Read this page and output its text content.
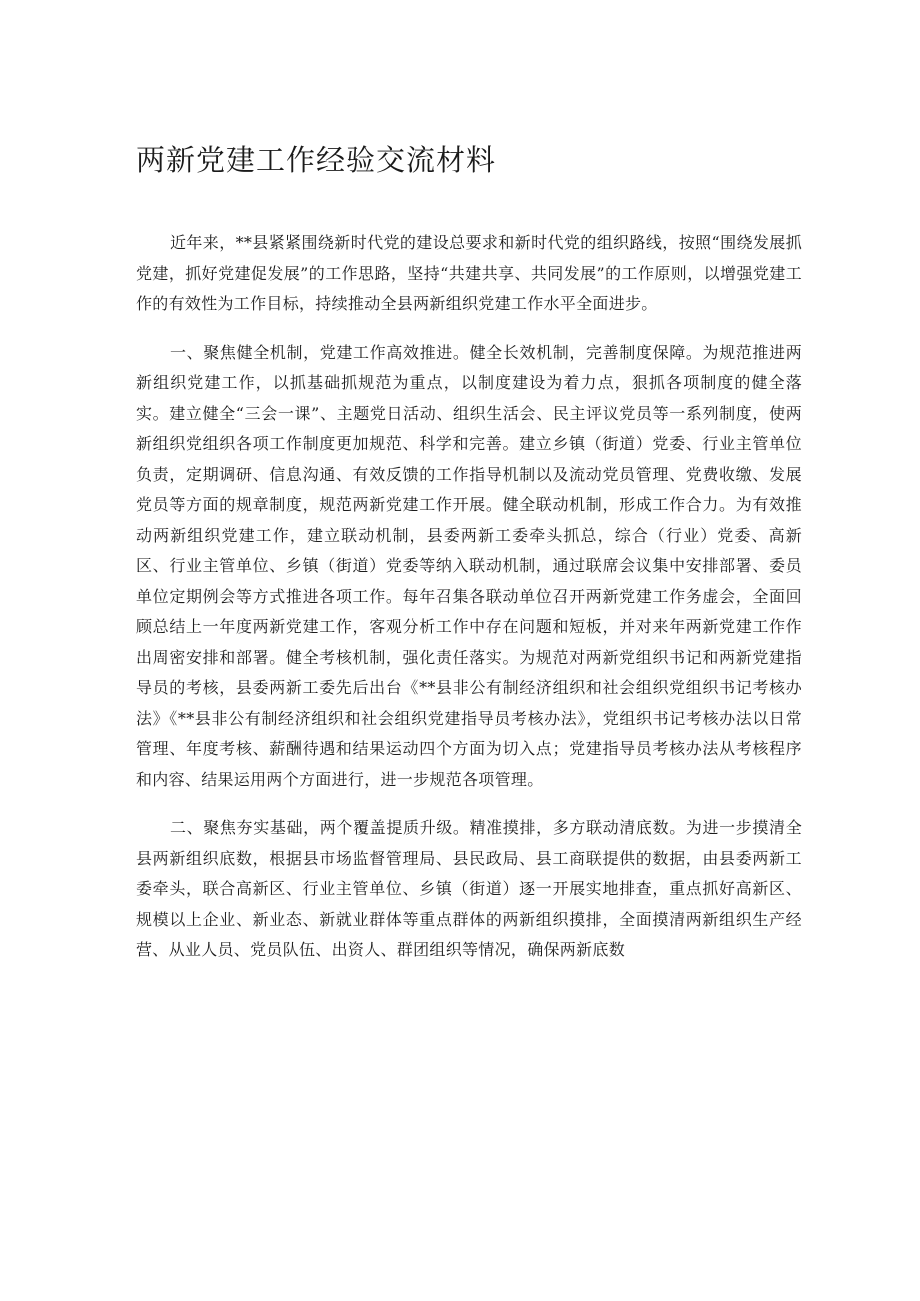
两新党建工作经验交流材料

近年来，**县紧紧围绕新时代党的建设总要求和新时代党的组织路线，按照“围绕发展抓党建，抓好党建促发展”的工作思路，坚持“共建共享、共同发展”的工作原则，以增强党建工作的有效性为工作目标，持续推动全县两新组织党建工作水平全面进步。

一、聚焦健全机制，党建工作高效推进。健全长效机制，完善制度保障。为规范推进两新组织党建工作，以抓基础抓规范为重点，以制度建设为着力点，狠抓各项制度的健全落实。建立健全“三会一课”、主题党日活动、组织生活会、民主评议党员等一系列制度，使两新组织党组织各项工作制度更加规范、科学和完善。建立乡镇（街道）党委、行业主管单位负责，定期调研、信息沟通、有效反馈的工作指导机制以及流动党员管理、党费收缴、发展党员等方面的规章制度，规范两新党建工作开展。健全联动机制，形成工作合力。为有效推动两新组织党建工作，建立联动机制，县委两新工委牵头抓总，综合（行业）党委、高新区、行业主管单位、乡镇（街道）党委等纳入联动机制，通过联席会议集中安排部署、委员单位定期例会等方式推进各项工作。每年召集各联动单位召开两新党建工作务虚会，全面回顾总结上一年度两新党建工作，客观分析工作中存在问题和短板，并对来年两新党建工作作出周密安排和部署。健全考核机制，强化责任落实。为规范对两新党组织书记和两新党建指导员的考核，县委两新工委先后出台《**县非公有制经济组织和社会组织党组织书记考核办法》《**县非公有制经济组织和社会组织党建指导员考核办法》，党组织书记考核办法以日常管理、年度考核、薪酬待遇和结果运动四个方面为切入点；党建指导员考核办法从考核程序和内容、结果运用两个方面进行，进一步规范各项管理。

二、聚焦夯实基础，两个覆盖提质升级。精准摸排，多方联动清底数。为进一步摸清全县两新组织底数，根据县市场监督管理局、县民政局、县工商联提供的数据，由县委两新工委牵头，联合高新区、行业主管单位、乡镇（街道）逐一开展实地排查，重点抓好高新区、规模以上企业、新业态、新就业群体等重点群体的两新组织摸排，全面摸清两新组织生产经营、从业人员、党员队伍、出资人、群团组织等情况，确保两新底数
